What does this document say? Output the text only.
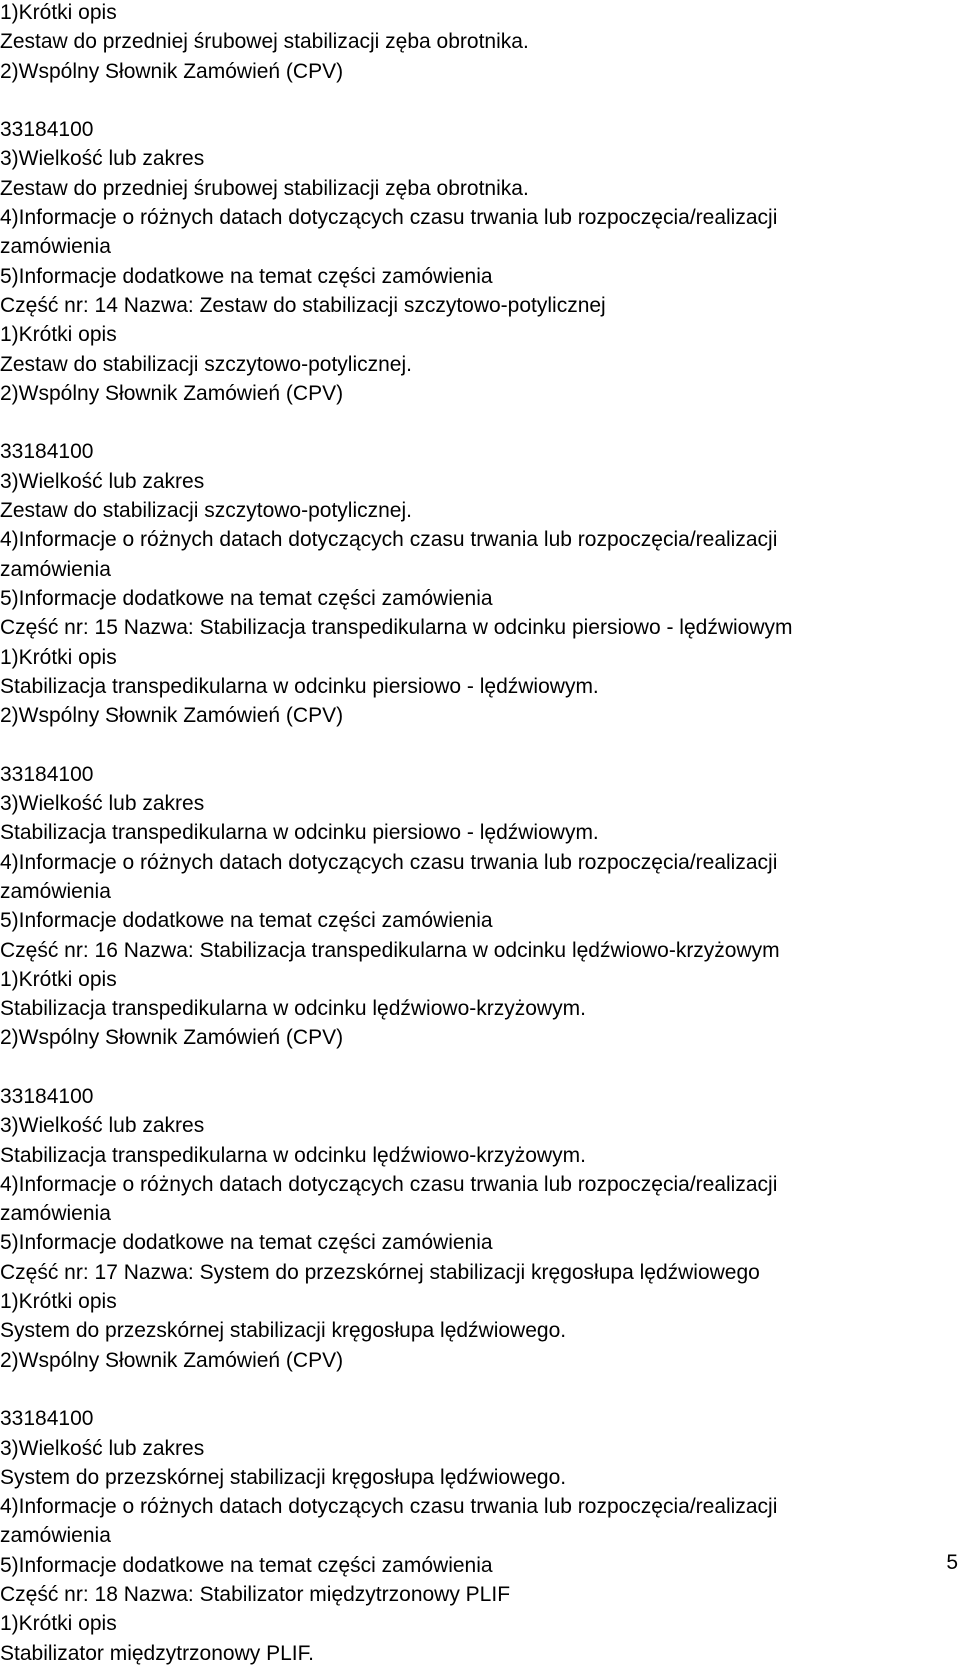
1)Krótki opis
Zestaw do przedniej śrubowej stabilizacji zęba obrotnika.
2)Wspólny Słownik Zamówień (CPV)
33184100
3)Wielkość lub zakres
Zestaw do przedniej śrubowej stabilizacji zęba obrotnika.
4)Informacje o różnych datach dotyczących czasu trwania lub rozpoczęcia/realizacji
zamówienia
5)Informacje dodatkowe na temat części zamówienia
Część nr: 14 Nazwa: Zestaw do stabilizacji szczytowo-potylicznej
1)Krótki opis
Zestaw do stabilizacji szczytowo-potylicznej.
2)Wspólny Słownik Zamówień (CPV)
33184100
3)Wielkość lub zakres
Zestaw do stabilizacji szczytowo-potylicznej.
4)Informacje o różnych datach dotyczących czasu trwania lub rozpoczęcia/realizacji
zamówienia
5)Informacje dodatkowe na temat części zamówienia
Część nr: 15 Nazwa: Stabilizacja transpedikularna w odcinku piersiowo - lędźwiowym
1)Krótki opis
Stabilizacja transpedikularna w odcinku piersiowo - lędźwiowym.
2)Wspólny Słownik Zamówień (CPV)
33184100
3)Wielkość lub zakres
Stabilizacja transpedikularna w odcinku piersiowo - lędźwiowym.
4)Informacje o różnych datach dotyczących czasu trwania lub rozpoczęcia/realizacji
zamówienia
5)Informacje dodatkowe na temat części zamówienia
Część nr: 16 Nazwa: Stabilizacja transpedikularna w odcinku lędźwiowo-krzyżowym
1)Krótki opis
Stabilizacja transpedikularna w odcinku lędźwiowo-krzyżowym.
2)Wspólny Słownik Zamówień (CPV)
33184100
3)Wielkość lub zakres
Stabilizacja transpedikularna w odcinku lędźwiowo-krzyżowym.
4)Informacje o różnych datach dotyczących czasu trwania lub rozpoczęcia/realizacji
zamówienia
5)Informacje dodatkowe na temat części zamówienia
Część nr: 17 Nazwa: System do przezskórnej stabilizacji kręgosłupa lędźwiowego
1)Krótki opis
System do przezskórnej stabilizacji kręgosłupa lędźwiowego.
2)Wspólny Słownik Zamówień (CPV)
33184100
3)Wielkość lub zakres
System do przezskórnej stabilizacji kręgosłupa lędźwiowego.
4)Informacje o różnych datach dotyczących czasu trwania lub rozpoczęcia/realizacji
zamówienia
5)Informacje dodatkowe na temat części zamówienia
Część nr: 18 Nazwa: Stabilizator międzytrzonowy PLIF
1)Krótki opis
Stabilizator międzytrzonowy PLIF.
5
